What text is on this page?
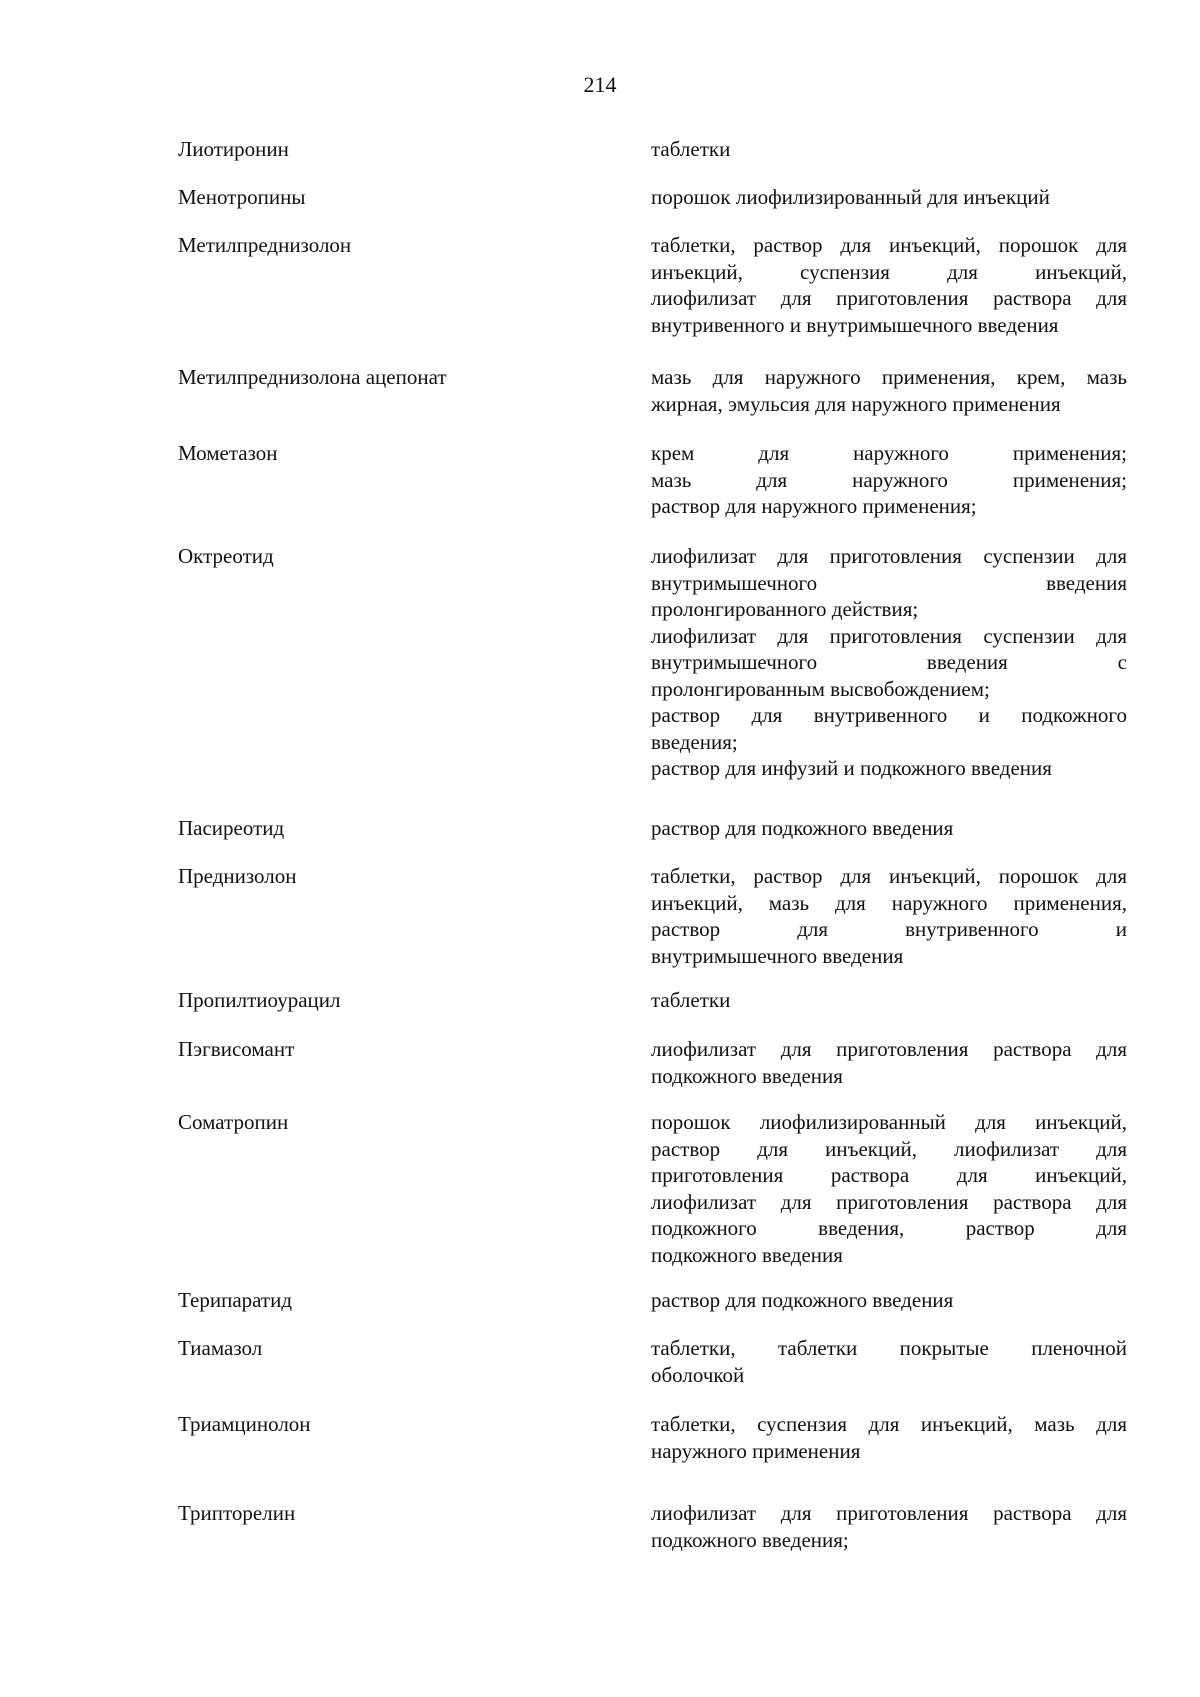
214
Лиотиронин	таблетки
Менотропины	порошок лиофилизированный для инъекций
Метилпреднизолон	таблетки, раствор для инъекций, порошок для
инъекций, суспензия для инъекций,
лиофилизат для приготовления раствора для
внутривенного и внутримышечного введения
Метилпреднизолона ацепонат	мазь для наружного применения, крем, мазь
жирная, эмульсия для наружного применения
Мометазон	крем для наружного применения;
мазь для наружного применения;
раствор для наружного применения;
Октреотид	лиофилизат для приготовления суспензии для
внутримышечного введения
пролонгированного действия;
лиофилизат для приготовления суспензии для
внутримышечного введения с
пролонгированным высвобождением;
раствор для внутривенного и подкожного
введения;
раствор для инфузий и подкожного введения
Пасиреотид	раствор для подкожного введения
Преднизолон	таблетки, раствор для инъекций, порошок для
инъекций, мазь для наружного применения,
раствор для внутривенного и
внутримышечного введения
Пропилтиоурацил	таблетки
Пэгвисомант	лиофилизат для приготовления раствора для
подкожного введения
Соматропин	порошок лиофилизированный для инъекций,
раствор для инъекций, лиофилизат для
приготовления раствора для инъекций,
лиофилизат для приготовления раствора для
подкожного введения, раствор для
подкожного введения
Терипаратид	раствор для подкожного введения
Тиамазол	таблетки, таблетки покрытые пленочной
оболочкой
Триамцинолон	таблетки, суспензия для инъекций, мазь для
наружного применения
Трипторелин	лиофилизат для приготовления раствора для
подкожного введения;
